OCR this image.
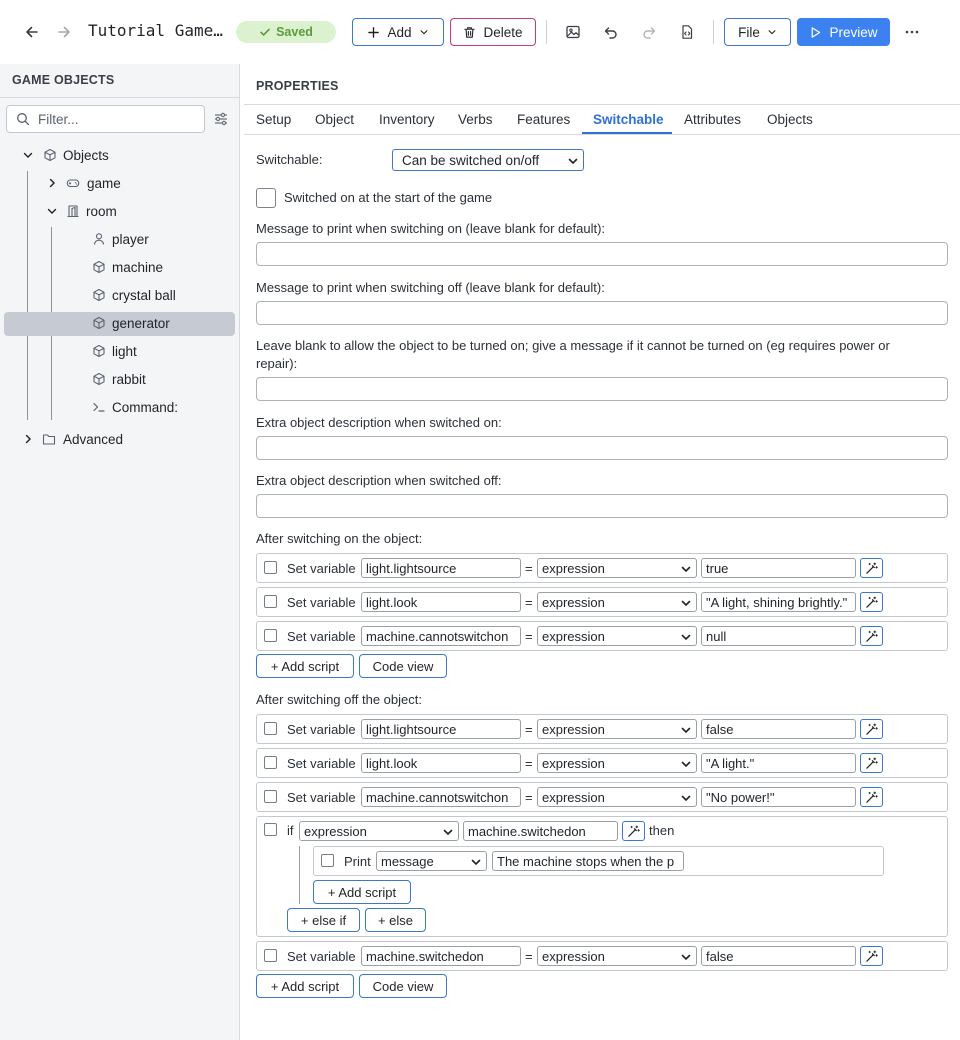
Tutorial Game…	Saved	Add	Delete	File	Preview
GAME OBJECTS
Filter...
Objects
game
room
player
machine
crystal ball
generator
light
rabbit
Command:
Advanced
PROPERTIES
Setup Object Inventory Verbs Features Switchable Attributes Objects
Switchable:	Can be switched on/off
Switched on at the start of the game
Message to print when switching on (leave blank for default):
Message to print when switching off (leave blank for default):
Leave blank to allow the object to be turned on; give a message if it cannot be turned on (eg requires power or
repair):
Extra object description when switched on:
Extra object description when switched off:
After switching on the object:
Set variable light.lightsource	= expression	true
Set variable light.look	= expression	"A light, shining brightly."
Set variable machine.cannotswitchon	= expression	null
+ Add script	Code view
After switching off the object:
Set variable light.lightsource	= expression	false
Set variable light.look	= expression	"A light."
Set variable machine.cannotswitchon	= expression	"No power!"
if expression	machine.switchedon	then
Print message	The machine stops when the p
+ Add script
+ else if	+ else
Set variable machine.switchedon	= expression	false
+ Add script	Code view
